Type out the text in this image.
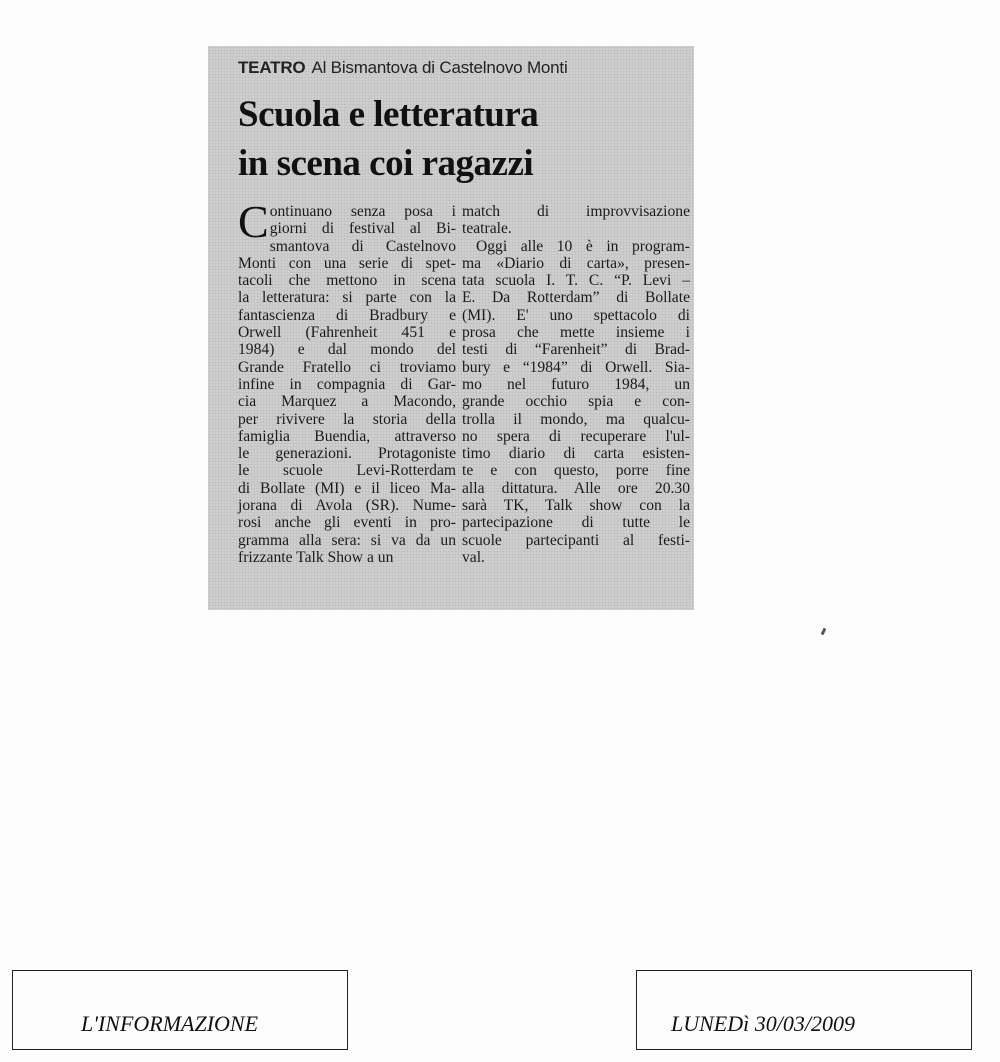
TEATRO Al Bismantova di Castelnovo Monti
Scuola e letteratura
in scena coi ragazzi
C ontinuano senza posa i
giorni di festival al Bi-
smantova di Castelnovo
Monti con una serie di spet-
tacoli che mettono in scena
la letteratura: si parte con la
fantascienza di Bradbury e
Orwell (Fahrenheit 451 e
1984) e dal mondo del
Grande Fratello ci troviamo
infine in compagnia di Gar-
cia Marquez a Macondo,
per rivivere la storia della
famiglia Buendia, attraverso
le generazioni. Protagoniste
le scuole Levi-Rotterdam
di Bollate (MI) e il liceo Ma-
jorana di Avola (SR). Nume-
rosi anche gli eventi in pro-
gramma alla sera: si va da un
frizzante Talk Show a un
match di improvvisazione
teatrale.
Oggi alle 10 è in program-
ma «Diario di carta», presen-
tata scuola I. T. C. “P. Levi –
E. Da Rotterdam” di Bollate
(MI). E' uno spettacolo di
prosa che mette insieme i
testi di “Farenheit” di Brad-
bury e “1984” di Orwell. Sia-
mo nel futuro 1984, un
grande occhio spia e con-
trolla il mondo, ma qualcu-
no spera di recuperare l'ul-
timo diario di carta esisten-
te e con questo, porre fine
alla dittatura. Alle ore 20.30
sarà TK, Talk show con la
partecipazione di tutte le
scuole partecipanti al festi-
val.
L'INFORMAZIONE	LUNEDì 30/03/2009
